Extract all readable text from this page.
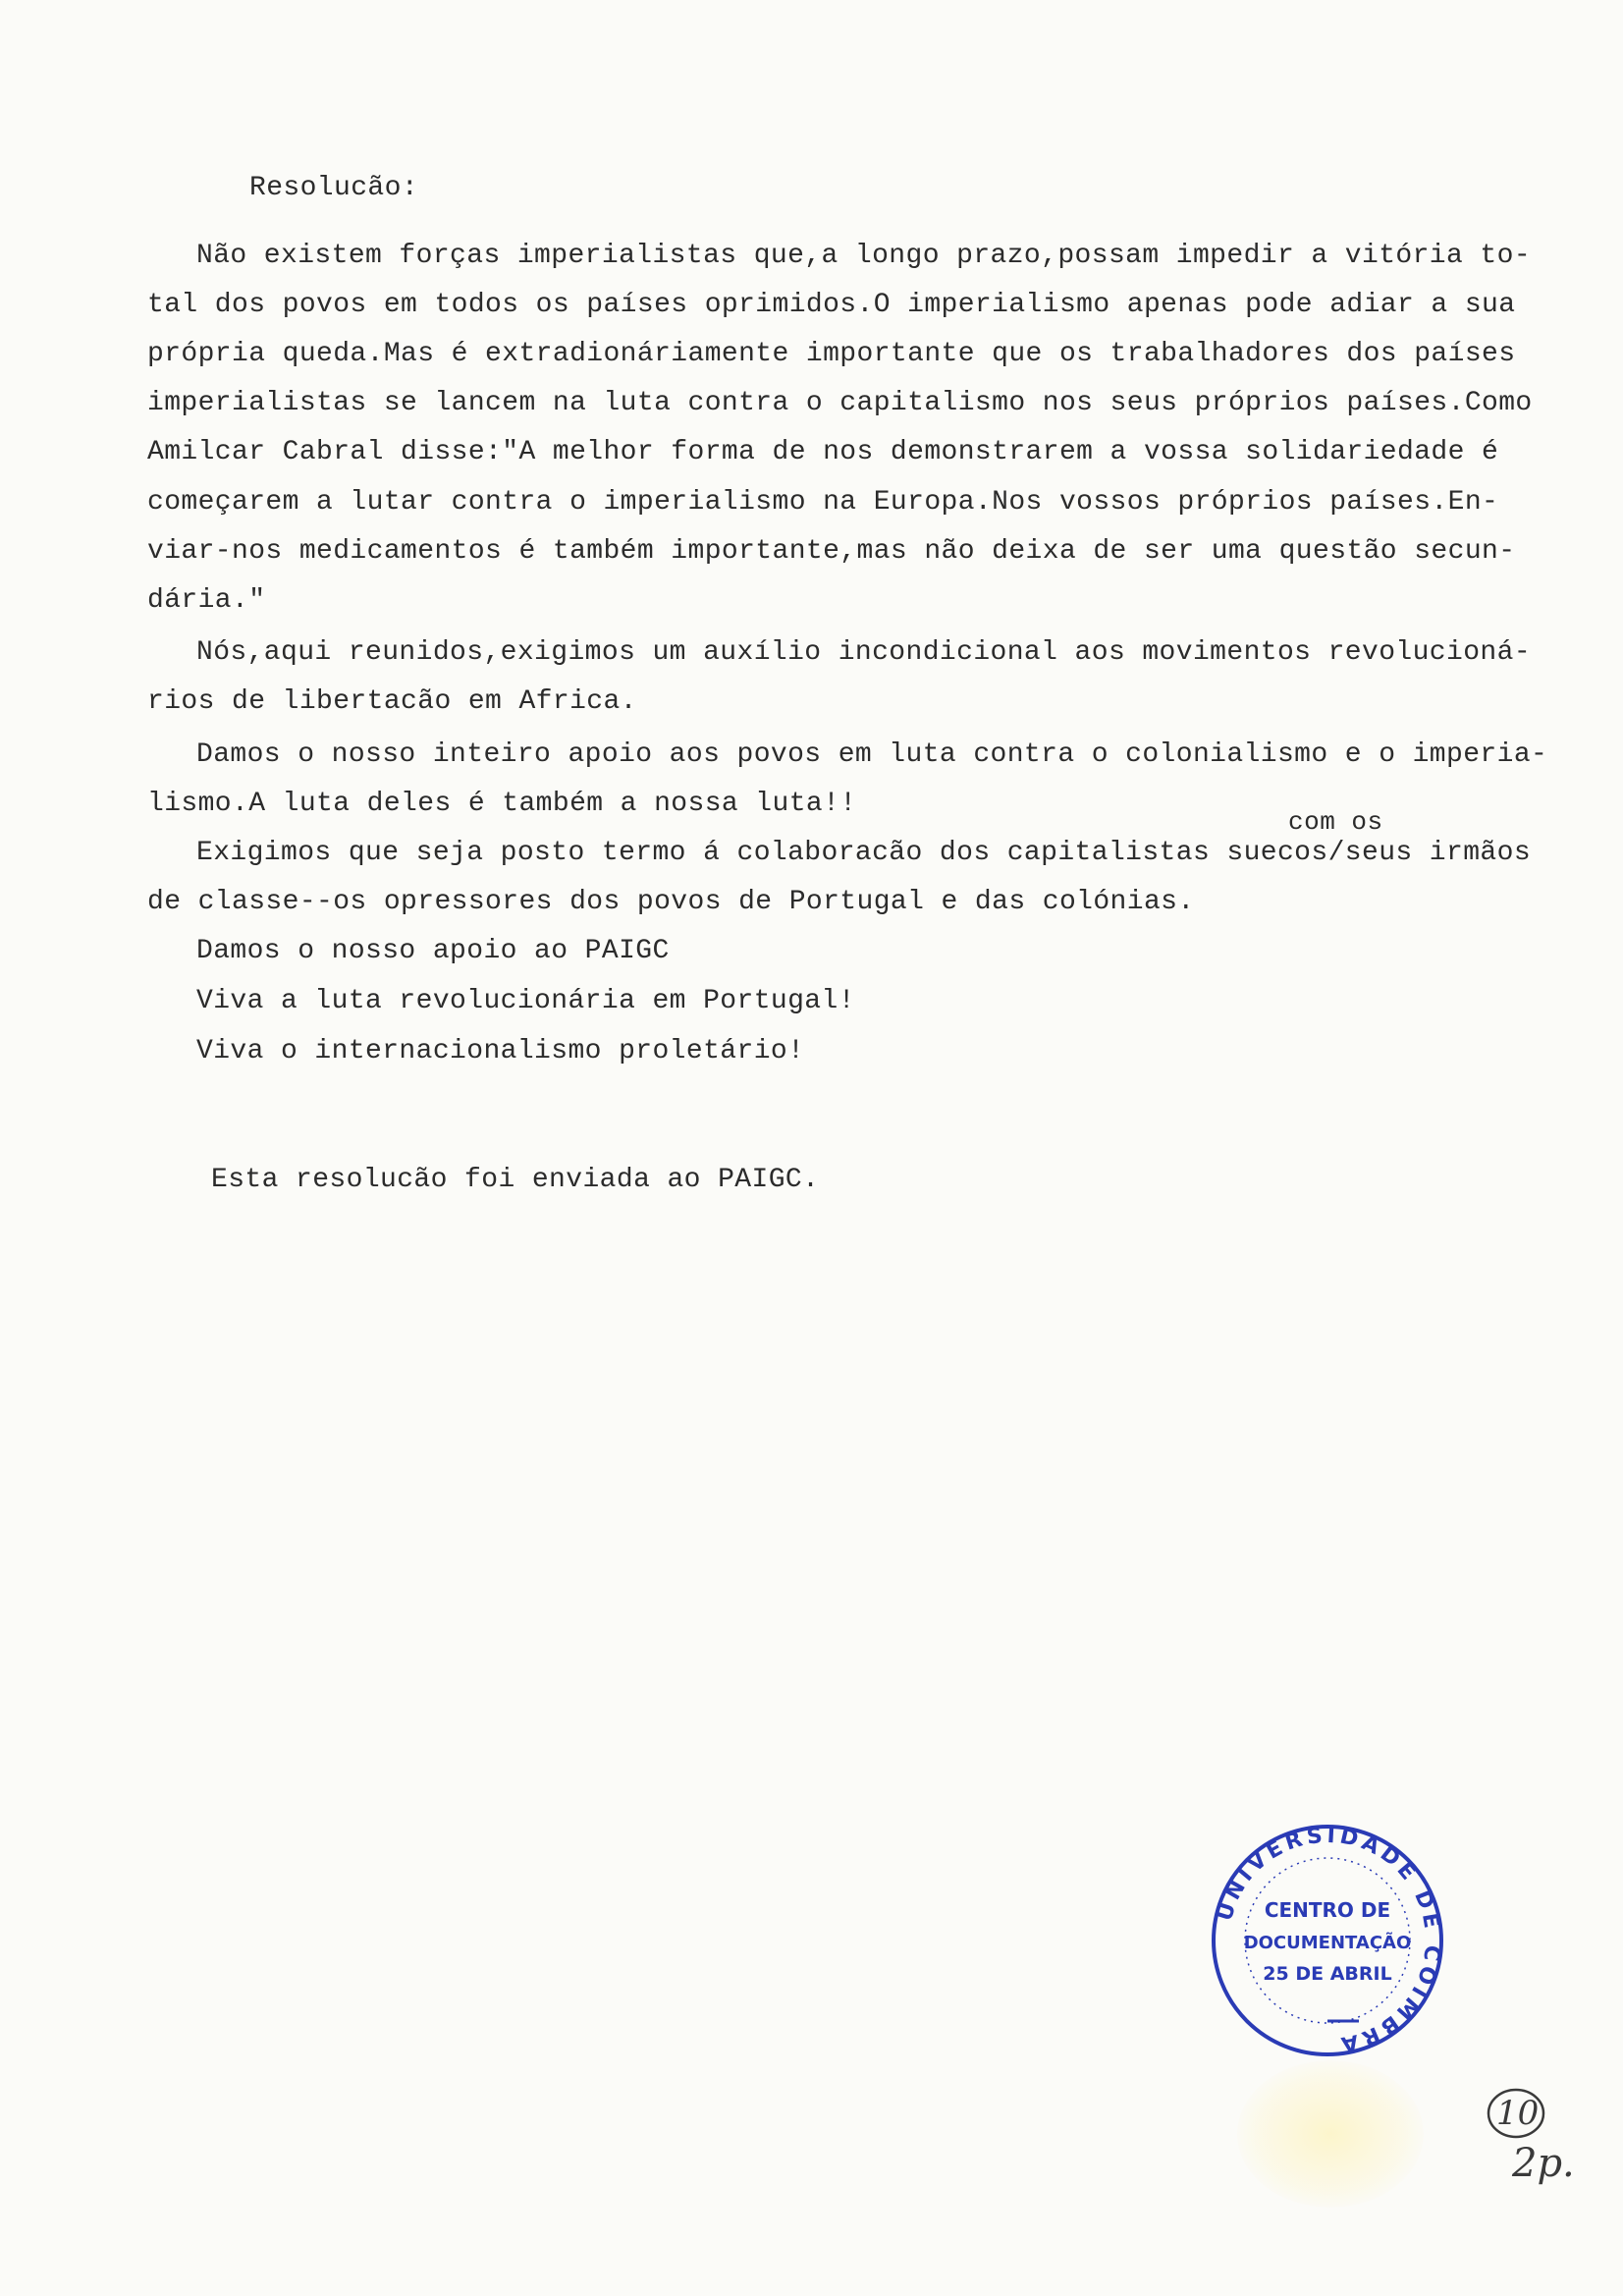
Resolucão:
Não existem forças imperialistas que,a longo prazo,possam impedir a vitória to-
tal dos povos em todos os países oprimidos.O imperialismo apenas pode adiar a sua
própria queda.Mas é extradionáriamente importante que os trabalhadores dos países
imperialistas se lancem na luta contra o capitalismo nos seus próprios países.Como
Amilcar Cabral disse:"A melhor forma de nos demonstrarem a vossa solidariedade é
começarem a lutar contra o imperialismo na Europa.Nos vossos próprios países.En-
viar-nos medicamentos é também importante,mas não deixa de ser uma questão secun-
dária."
Nós,aqui reunidos,exigimos um auxílio incondicional aos movimentos revolucioná-
rios de libertacão em Africa.
Damos o nosso inteiro apoio aos povos em luta contra o colonialismo e o imperia-
lismo.A luta deles é também a nossa luta!!
com os
Exigimos que seja posto termo á colaboracão dos capitalistas suecos/seus irmãos
de classe--os opressores dos povos de Portugal e das colónias.
Damos o nosso apoio ao PAIGC
Viva a luta revolucionária em Portugal!
Viva o internacionalismo proletário!
Esta resolucão foi enviada ao PAIGC.
UNIVERSIDADE DE COIMBRA
CENTRO DE
DOCUMENTAÇÃO
25 DE ABRIL
10
2p.
